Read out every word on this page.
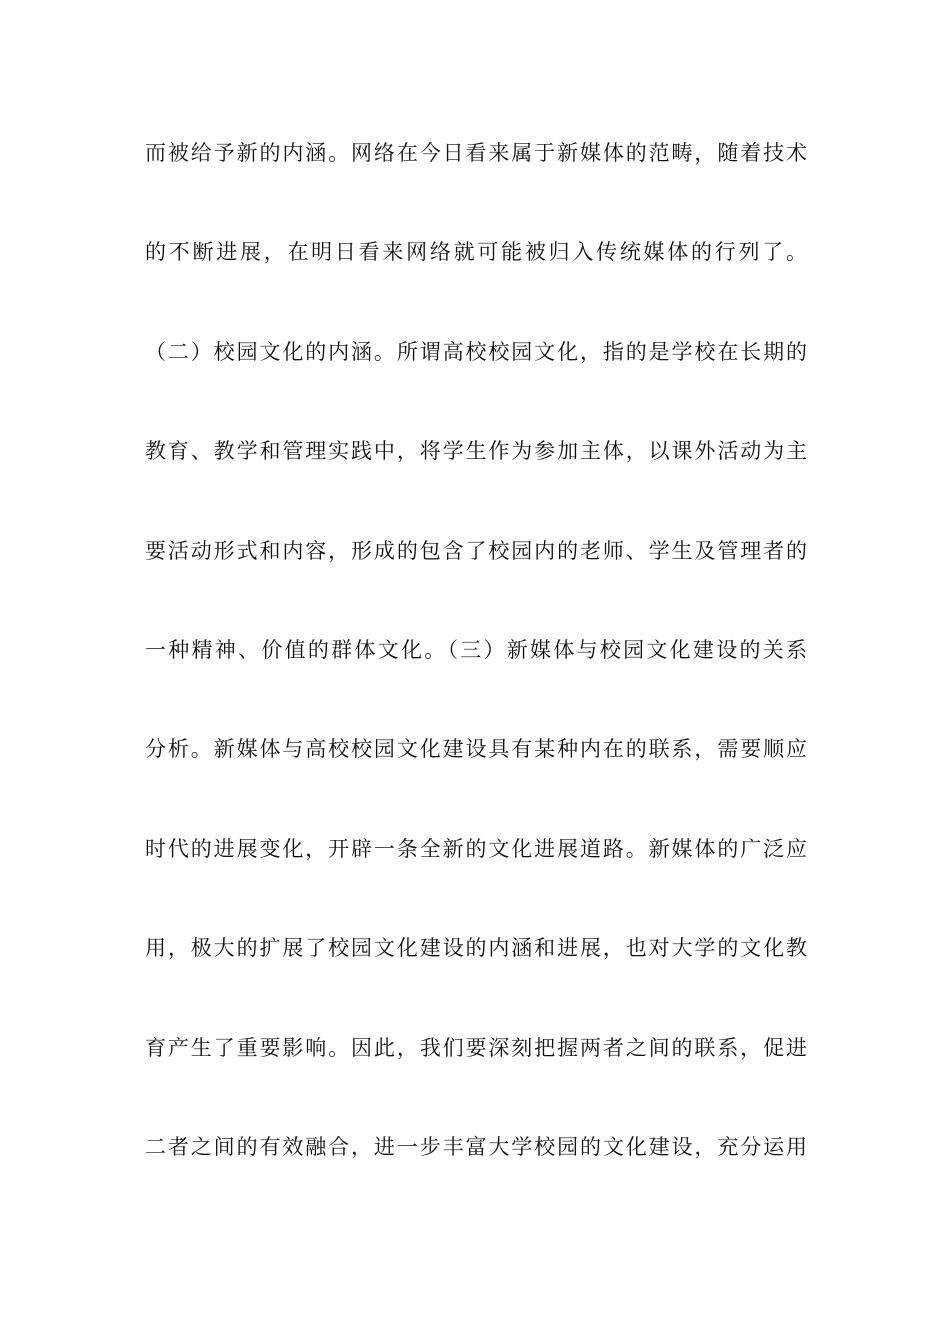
而被给予新的内涵。网络在今日看来属于新媒体的范畴，随着技术

的不断进展，在明日看来网络就可能被归入传统媒体的行列了。

（二）校园文化的内涵。所谓高校校园文化，指的是学校在长期的

教育、教学和管理实践中，将学生作为参加主体，以课外活动为主

要活动形式和内容，形成的包含了校园内的老师、学生及管理者的

一种精神、价值的群体文化。（三）新媒体与校园文化建设的关系

分析。新媒体与高校校园文化建设具有某种内在的联系，需要顺应

时代的进展变化，开辟一条全新的文化进展道路。新媒体的广泛应

用，极大的扩展了校园文化建设的内涵和进展，也对大学的文化教

育产生了重要影响。因此，我们要深刻把握两者之间的联系，促进

二者之间的有效融合，进一步丰富大学校园的文化建设，充分运用
